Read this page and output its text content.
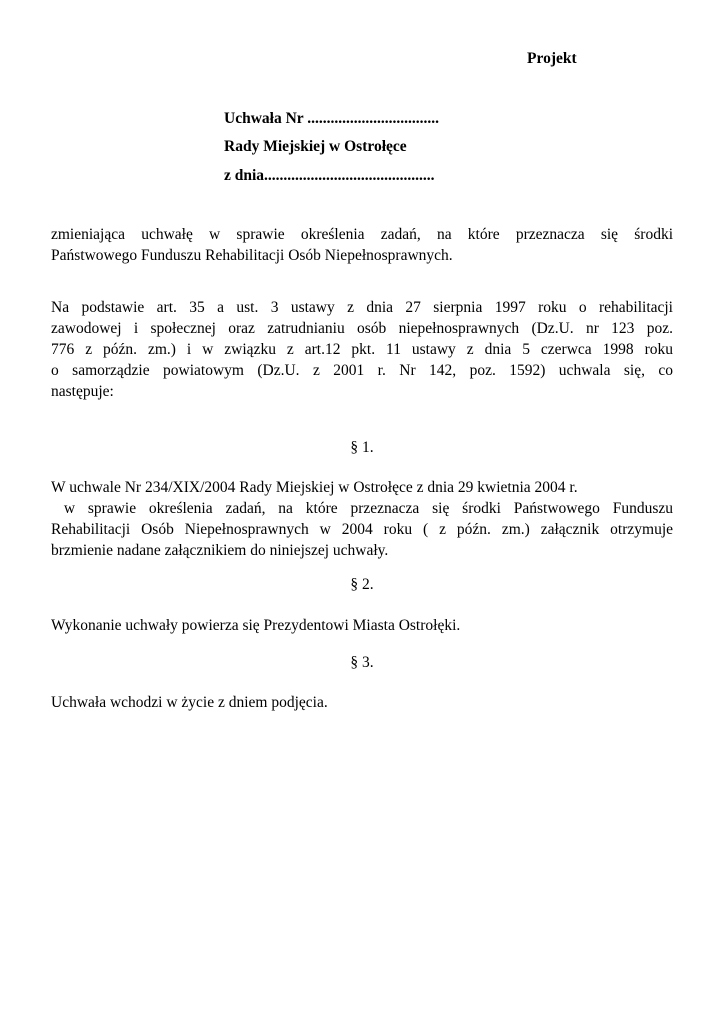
Projekt
Uchwała Nr ..................................
Rady Miejskiej w Ostrołęce
z dnia............................................
zmieniająca uchwałę w sprawie określenia zadań, na które przeznacza się środki
Państwowego Funduszu Rehabilitacji Osób Niepełnosprawnych.
Na podstawie art. 35 a ust. 3 ustawy z dnia 27 sierpnia 1997 roku o rehabilitacji
zawodowej i społecznej oraz zatrudnianiu osób niepełnosprawnych (Dz.U. nr 123 poz.
776 z późn. zm.) i w związku z art.12 pkt. 11 ustawy z dnia 5 czerwca 1998 roku
o samorządzie powiatowym (Dz.U. z 2001 r. Nr 142, poz. 1592) uchwala się, co
następuje:
§ 1.
W uchwale Nr 234/XIX/2004 Rady Miejskiej w Ostrołęce z dnia 29 kwietnia 2004 r.
w sprawie określenia zadań, na które przeznacza się środki Państwowego Funduszu
Rehabilitacji Osób Niepełnosprawnych w 2004 roku ( z późn. zm.) załącznik otrzymuje
brzmienie nadane załącznikiem do niniejszej uchwały.
§ 2.
Wykonanie uchwały powierza się Prezydentowi Miasta Ostrołęki.
§ 3.
Uchwała wchodzi w życie z dniem podjęcia.
